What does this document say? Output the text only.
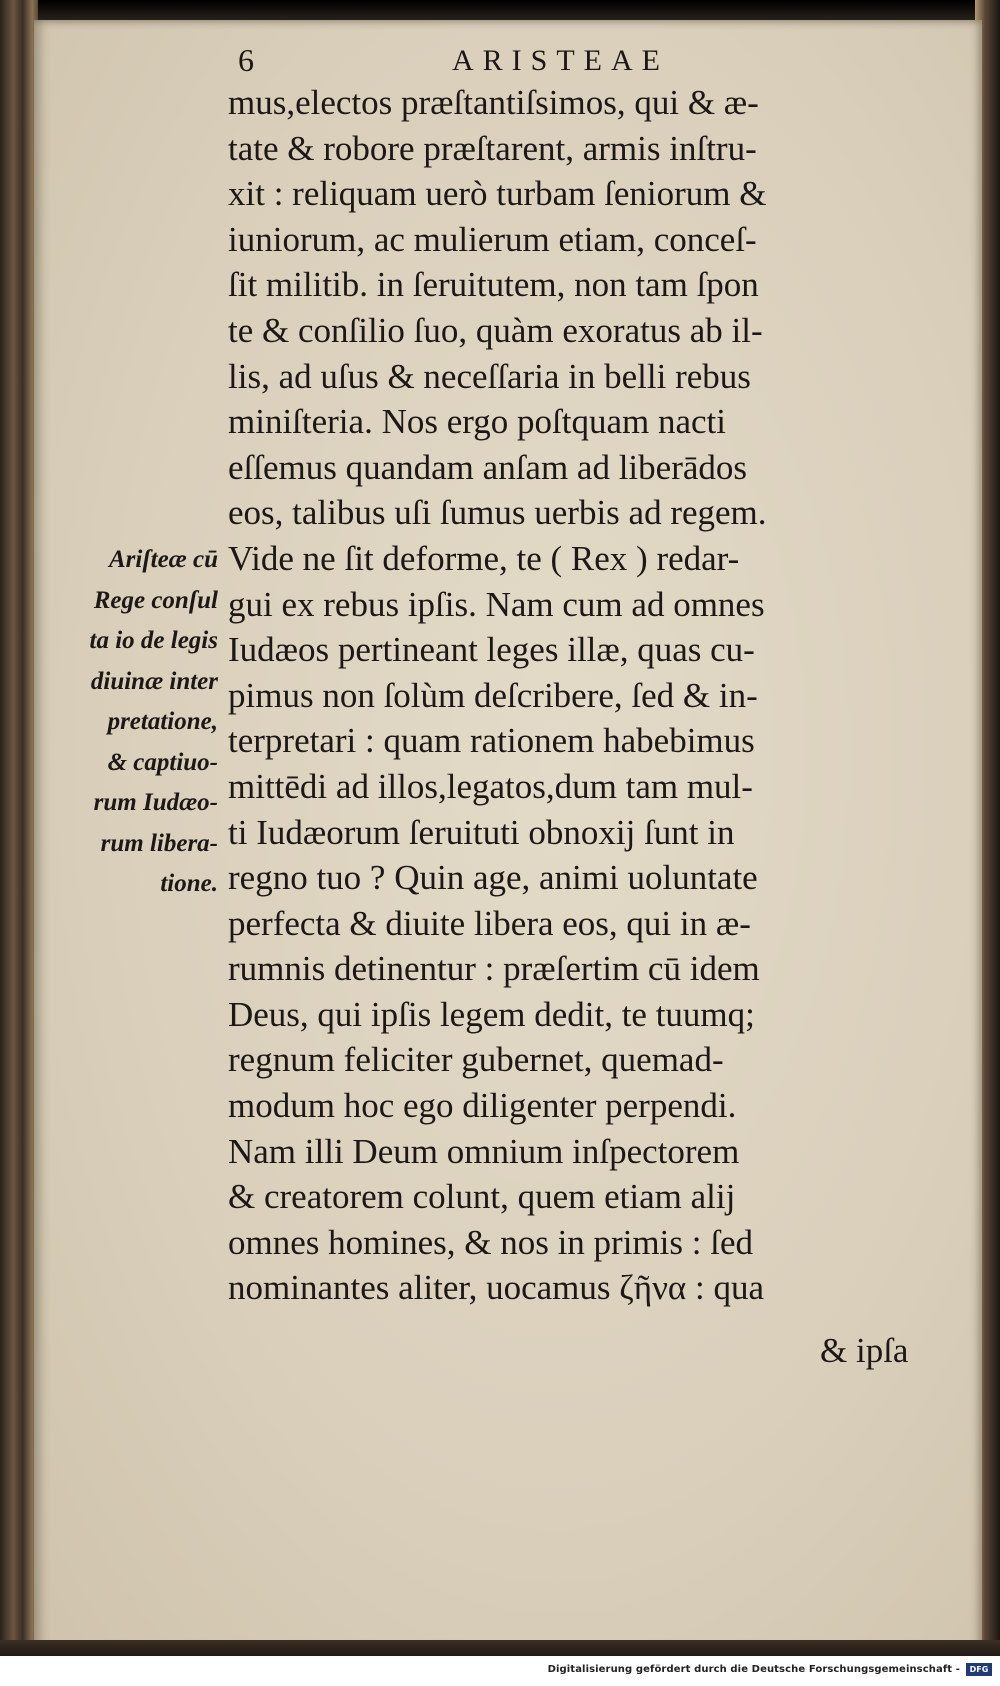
6	ARISTEAE
Ariſteæ cū
Rege conſul
ta io de legis
diuinæ inter
pretatione,
& captiuo-
rum Iudæo-
rum libera-
tione.
mus,electos præſtantiſsimos, qui & æ-
tate & robore præſtarent, armis inſtru-
xit : reliquam uerò turbam ſeniorum &
iuniorum, ac mulierum etiam, conceſ-
ſit militib. in ſeruitutem, non tam ſpon
te & conſilio ſuo, quàm exoratus ab il-
lis, ad uſus & neceſſaria in belli rebus
miniſteria. Nos ergo poſtquam nacti
eſſemus quandam anſam ad liberādos
eos, talibus uſi ſumus uerbis ad regem.
Vide ne ſit deforme, te ( Rex ) redar-
gui ex rebus ipſis. Nam cum ad omnes
Iudæos pertineant leges illæ, quas cu-
pimus non ſolùm deſcribere, ſed & in-
terpretari : quam rationem habebimus
mittēdi ad illos,legatos,dum tam mul-
ti Iudæorum ſeruituti obnoxij ſunt in
regno tuo ? Quin age, animi uoluntate
perfecta & diuite libera eos, qui in æ-
rumnis detinentur : præſertim cū idem
Deus, qui ipſis legem dedit, te tuumq;
regnum feliciter gubernet, quemad-
modum hoc ego diligenter perpendi.
Nam illi Deum omnium inſpectorem
& creatorem colunt, quem etiam alij
omnes homines, & nos in primis : ſed
nominantes aliter, uocamus ζῆνα : qua
& ipſa
Digitalisierung gefördert durch die Deutsche Forschungsgemeinschaft -	DFG
